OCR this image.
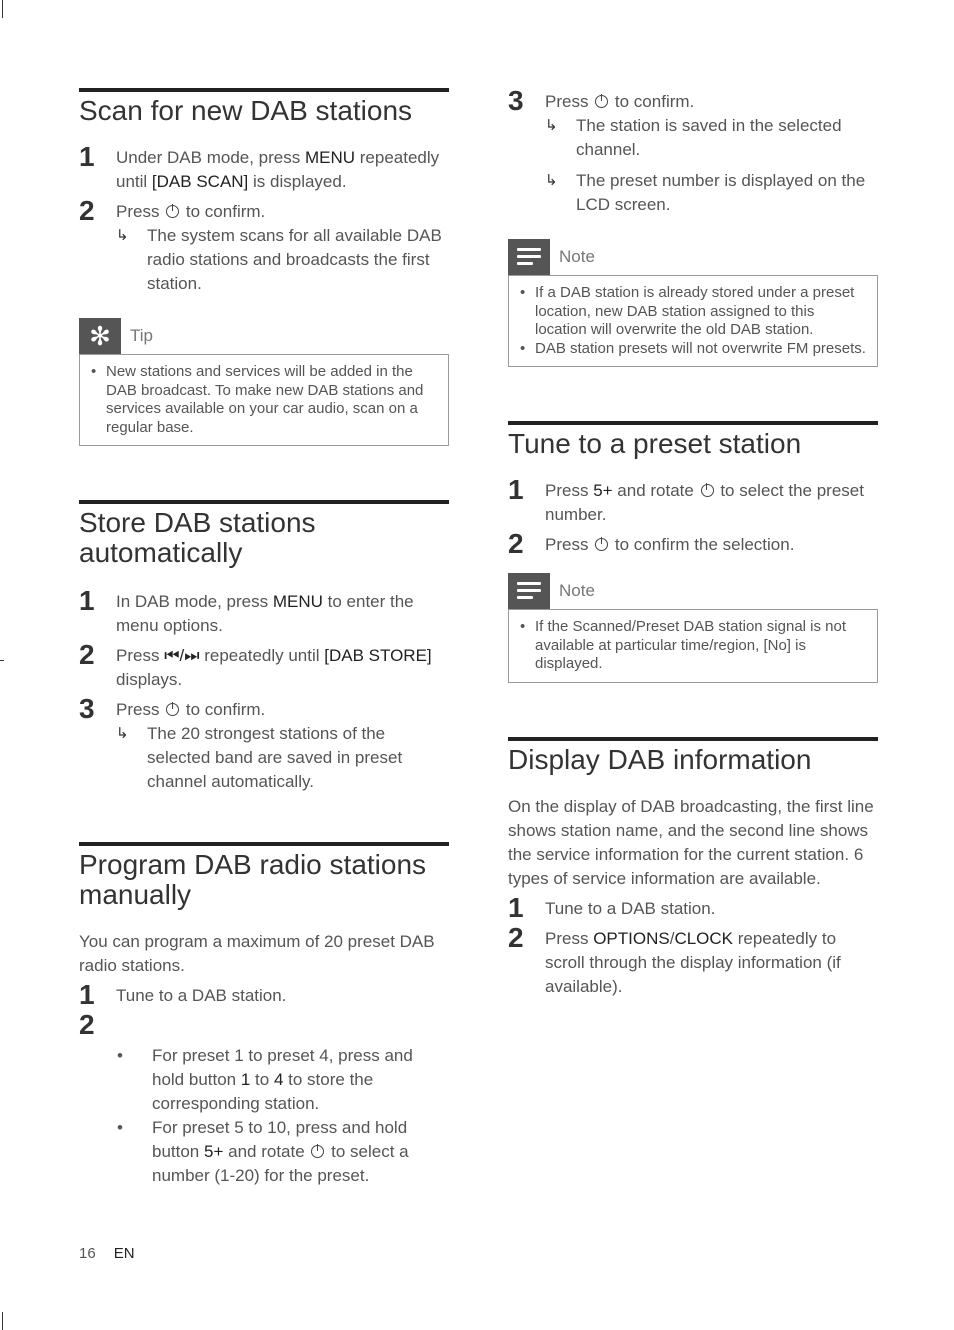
Scan for new DAB stations
1	Under DAB mode, press MENU repeatedly until [DAB SCAN] is displayed.
2	Press  to confirm.
↳ The system scans for all available DAB radio stations and broadcasts the first station.
✻	Tip
• New stations and services will be added in the DAB broadcast. To make new DAB stations and services available on your car audio, scan on a regular base.
Store DAB stations automatically
1	In DAB mode, press MENU to enter the menu options.
2	Press ⏮/⏭ repeatedly until [DAB STORE] displays.
3	Press  to confirm.
↳ The 20 strongest stations of the selected band are saved in preset channel automatically.
Program DAB radio stations manually
You can program a maximum of 20 preset DAB radio stations.
1	Tune to a DAB station.
2
• For preset 1 to preset 4, press and hold button 1 to 4 to store the corresponding station.
• For preset 5 to 10, press and hold button 5+ and rotate  to select a number (1-20) for the preset.
3	Press  to confirm.
↳ The station is saved in the selected channel.
↳ The preset number is displayed on the LCD screen.
Note
• If a DAB station is already stored under a preset location, new DAB station assigned to this location will overwrite the old DAB station.
• DAB station presets will not overwrite FM presets.
Tune to a preset station
1	Press 5+ and rotate  to select the preset number.
2	Press  to confirm the selection.
Note
• If the Scanned/Preset DAB station signal is not available at particular time/region, [No] is displayed.
Display DAB information
On the display of DAB broadcasting, the first line shows station name, and the second line shows the service information for the current station. 6 types of service information are available.
1	Tune to a DAB station.
2	Press OPTIONS/CLOCK repeatedly to scroll through the display information (if available).
16 EN
